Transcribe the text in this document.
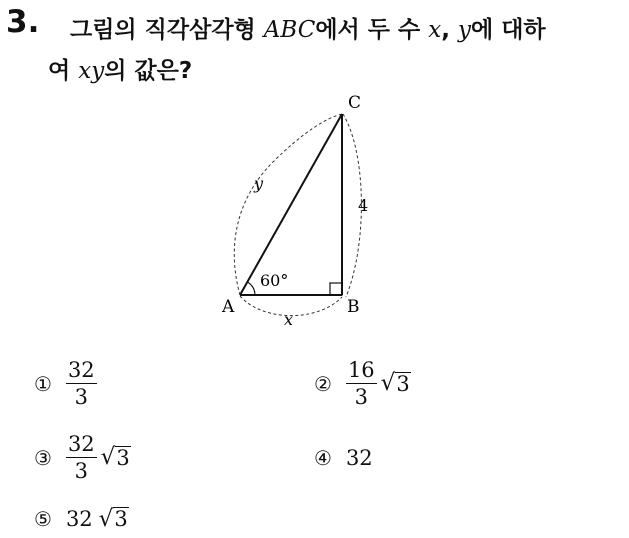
3. 그림의 직각삼각형 ABC에서 두 수 x, y에 대하
여 xy의 값은?
C
A	B
60°
4
y
x
① $\frac{32}{3}$	② $\frac{16}{3}$ √ 3
③ $\frac{32}{3}$ √ 3	④ 32
⑤ 32 √ 3
